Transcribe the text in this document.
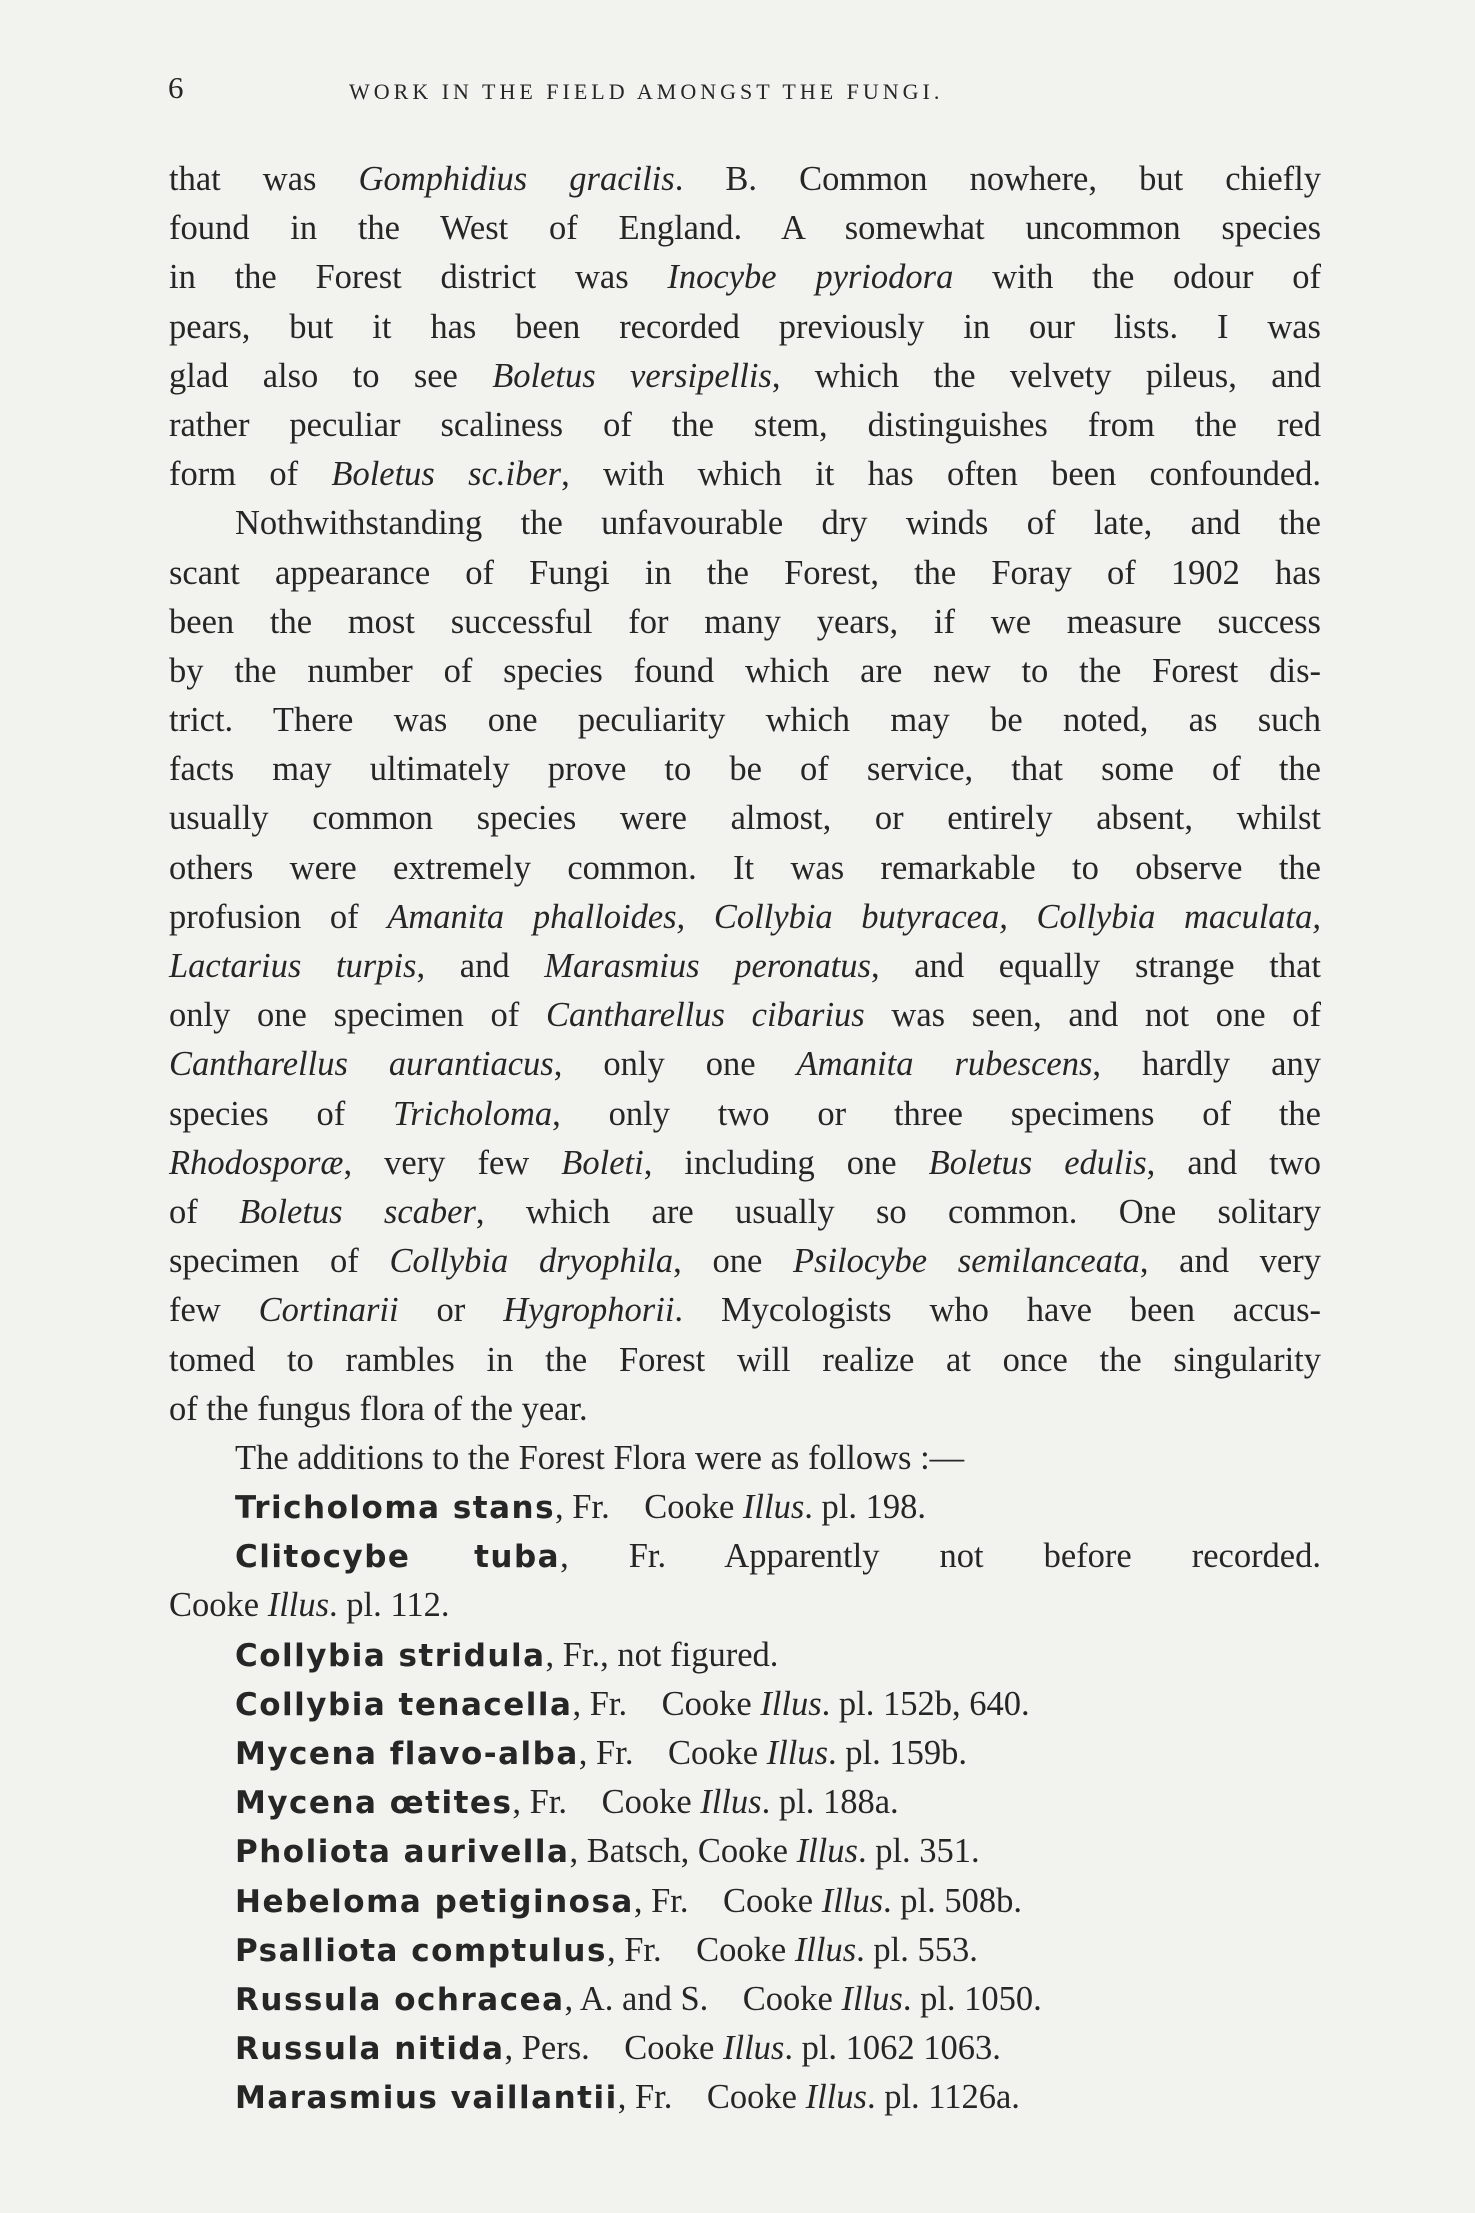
6	WORK IN THE FIELD AMONGST THE FUNGI.
that was Gomphidius gracilis. B. Common nowhere, but chiefly
found in the West of England. A somewhat uncommon species
in the Forest district was Inocybe pyriodora with the odour of
pears, but it has been recorded previously in our lists. I was
glad also to see Boletus versipellis, which the velvety pileus, and
rather peculiar scaliness of the stem, distinguishes from the red
form of Boletus sc.iber, with which it has often been confounded.
Nothwithstanding the unfavourable dry winds of late, and the
scant appearance of Fungi in the Forest, the Foray of 1902 has
been the most successful for many years, if we measure success
by the number of species found which are new to the Forest dis-
trict. There was one peculiarity which may be noted, as such
facts may ultimately prove to be of service, that some of the
usually common species were almost, or entirely absent, whilst
others were extremely common. It was remarkable to observe the
profusion of Amanita phalloides, Collybia butyracea, Collybia maculata,
Lactarius turpis, and Marasmius peronatus, and equally strange that
only one specimen of Cantharellus cibarius was seen, and not one of
Cantharellus aurantiacus, only one Amanita rubescens, hardly any
species of Tricholoma, only two or three specimens of the
Rhodosporæ, very few Boleti, including one Boletus edulis, and two
of Boletus scaber, which are usually so common. One solitary
specimen of Collybia dryophila, one Psilocybe semilanceata, and very
few Cortinarii or Hygrophorii. Mycologists who have been accus-
tomed to rambles in the Forest will realize at once the singularity
of the fungus flora of the year.
The additions to the Forest Flora were as follows :—
Tricholoma stans, Fr. Cooke Illus. pl. 198.
Clitocybe tuba, Fr. Apparently not before recorded.
Cooke Illus. pl. 112.
Collybia stridula, Fr., not figured.
Collybia tenacella, Fr. Cooke Illus. pl. 152b, 640.
Mycena flavo-alba, Fr. Cooke Illus. pl. 159b.
Mycena œtites, Fr. Cooke Illus. pl. 188a.
Pholiota aurivella, Batsch, Cooke Illus. pl. 351.
Hebeloma petiginosa, Fr. Cooke Illus. pl. 508b.
Psalliota comptulus, Fr. Cooke Illus. pl. 553.
Russula ochracea, A. and S. Cooke Illus. pl. 1050.
Russula nitida, Pers. Cooke Illus. pl. 1062 1063.
Marasmius vaillantii, Fr. Cooke Illus. pl. 1126a.
